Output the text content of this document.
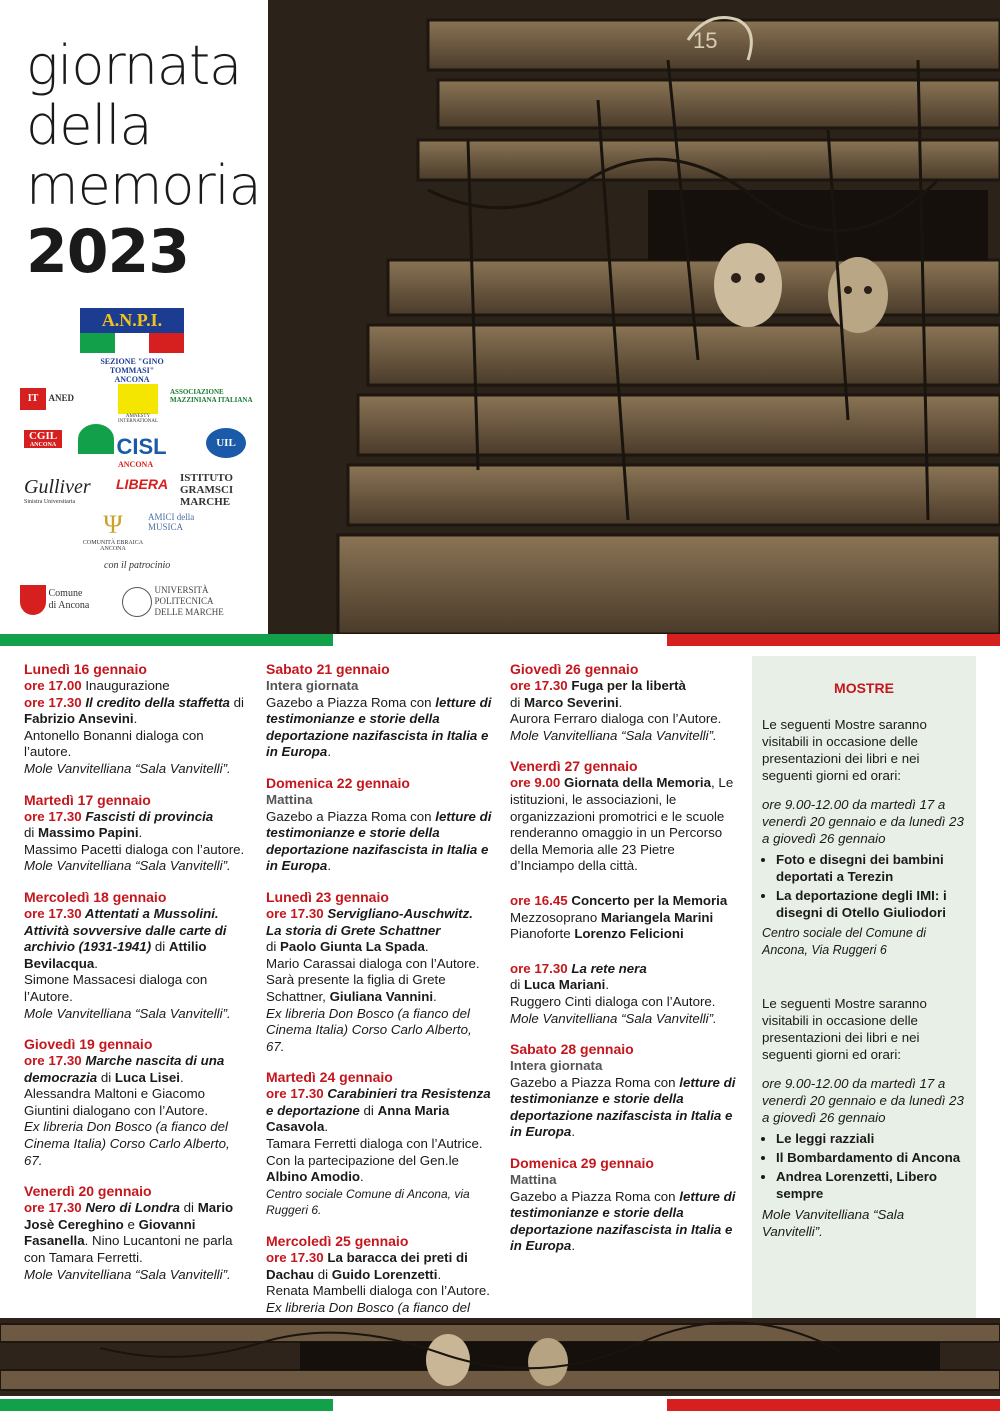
giornata
della
memoria
2023
15
A.N.P.I.
SEZIONE "GINO TOMMASI"
ANCONA
IT ANED
AMNESTY INTERNATIONAL
ASSOCIAZIONE MAZZINIANA ITALIANA
CGIL
ANCONA	CISL
ANCONA
UIL
Gulliver
Sinistra Universitaria
LIBERA ISTITUTO GRAMSCI MARCHE
Ψ
COMUNITÀ EBRAICA ANCONA
AMICI della MUSICA
con il patrocinio
Comune
di Ancona
UNIVERSITÀ
POLITECNICA
DELLE MARCHE
Lunedì 16 gennaio
ore 17.00 Inaugurazione
ore 17.30 Il credito della staffetta di Fabrizio Ansevini.
Antonello Bonanni dialoga con l’autore.
Mole Vanvitelliana “Sala Vanvitelli”.
Martedì 17 gennaio
ore 17.30 Fascisti di provincia
di Massimo Papini.
Massimo Pacetti dialoga con l’autore.
Mole Vanvitelliana “Sala Vanvitelli”.
Mercoledì 18 gennaio
ore 17.30 Attentati a Mussolini. Attività sovversive dalle carte di archivio (1931-1941) di Attilio Bevilacqua.
Simone Massacesi dialoga con l’Autore.
Mole Vanvitelliana “Sala Vanvitelli”.
Giovedì 19 gennaio
ore 17.30 Marche nascita di una democrazia di Luca Lisei.
Alessandra Maltoni e Giacomo Giuntini dialogano con l’Autore.
Ex libreria Don Bosco (a fianco del Cinema Italia) Corso Carlo Alberto, 67.
Venerdì 20 gennaio
ore 17.30 Nero di Londra di Mario Josè Cereghino e Giovanni Fasanella. Nino Lucantoni ne parla con Tamara Ferretti.
Mole Vanvitelliana “Sala Vanvitelli”.
Sabato 21 gennaio
Intera giornata
Gazebo a Piazza Roma con letture di testimonianze e storie della deportazione nazifascista in Italia e in Europa.
Domenica 22 gennaio
Mattina
Gazebo a Piazza Roma con letture di testimonianze e storie della deportazione nazifascista in Italia e in Europa.
Lunedì 23 gennaio
ore 17.30 Servigliano-Auschwitz. La storia di Grete Schattner
di Paolo Giunta La Spada.
Mario Carassai dialoga con l’Autore.
Sarà presente la figlia di Grete Schattner, Giuliana Vannini.
Ex libreria Don Bosco (a fianco del Cinema Italia) Corso Carlo Alberto, 67.
Martedì 24 gennaio
ore 17.30 Carabinieri tra Resistenza e deportazione di Anna Maria Casavola.
Tamara Ferretti dialoga con l’Autrice.
Con la partecipazione del Gen.le Albino Amodio.
Centro sociale Comune di Ancona, via Ruggeri 6.
Mercoledì 25 gennaio
ore 17.30 La baracca dei preti di Dachau di Guido Lorenzetti.
Renata Mambelli dialoga con l’Autore.
Ex libreria Don Bosco (a fianco del
Giovedì 26 gennaio
ore 17.30 Fuga per la libertà
di Marco Severini.
Aurora Ferraro dialoga con l’Autore.
Mole Vanvitelliana “Sala Vanvitelli”.
Venerdì 27 gennaio
ore 9.00 Giornata della Memoria, Le istituzioni, le associazioni, le organizzazioni promotrici e le scuole renderanno omaggio in un Percorso della Memoria alle 23 Pietre d’Inciampo della città.
ore 16.45 Concerto per la Memoria
Mezzosoprano Mariangela Marini
Pianoforte Lorenzo Felicioni
ore 17.30 La rete nera
di Luca Mariani.
Ruggero Cinti dialoga con l’Autore.
Mole Vanvitelliana “Sala Vanvitelli”.
Sabato 28 gennaio
Intera giornata
Gazebo a Piazza Roma con letture di testimonianze e storie della deportazione nazifascista in Italia e in Europa.
Domenica 29 gennaio
Mattina
Gazebo a Piazza Roma con letture di testimonianze e storie della deportazione nazifascista in Italia e in Europa.
MOSTRE

Le seguenti Mostre saranno visitabili in occasione delle presentazioni dei libri e nei seguenti giorni ed orari:

ore 9.00-12.00 da martedì 17 a venerdì 20 gennaio e da lunedì 23 a giovedì 26 gennaio

• Foto e disegni dei bambini deportati a Terezin
• La deportazione degli IMI: i disegni di Otello Giuliodori

Centro sociale del Comune di Ancona, Via Ruggeri 6

Le seguenti Mostre saranno visitabili in occasione delle presentazioni dei libri e nei seguenti giorni ed orari:

ore 9.00-12.00 da martedì 17 a venerdì 20 gennaio e da lunedì 23 a giovedì 26 gennaio

• Le leggi razziali
• Il Bombardamento di Ancona
• Andrea Lorenzetti, Libero sempre

Mole Vanvitelliana “Sala Vanvitelli”.
